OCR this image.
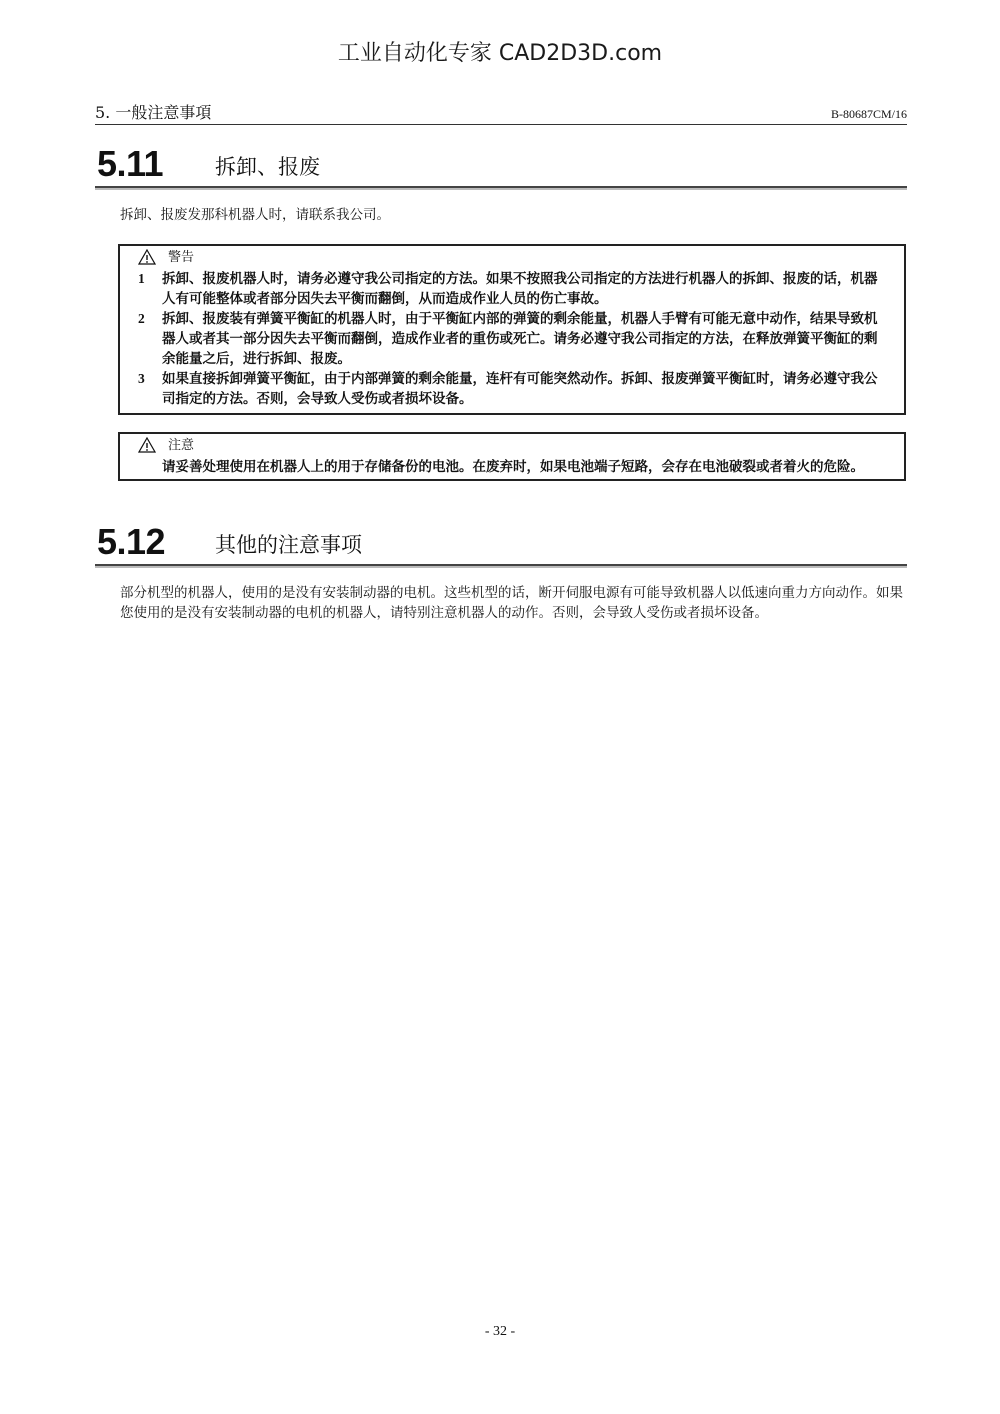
工业自动化专家 CAD2D3D.com
5. 一般注意事項	B-80687CM/16
5.11 拆卸、报废
拆卸、报废发那科机器人时，请联系我公司。
警告
1 拆卸、报废机器人时，请务必遵守我公司指定的方法。如果不按照我公司指定的方法进行机器人的拆卸、报废的话，机器人有可能整体或者部分因失去平衡而翻倒，从而造成作业人员的伤亡事故。
2 拆卸、报废装有弹簧平衡缸的机器人时，由于平衡缸内部的弹簧的剩余能量，机器人手臂有可能无意中动作，结果导致机器人或者其一部分因失去平衡而翻倒，造成作业者的重伤或死亡。请务必遵守我公司指定的方法，在释放弹簧平衡缸的剩余能量之后，进行拆卸、报废。
3 如果直接拆卸弹簧平衡缸，由于内部弹簧的剩余能量，连杆有可能突然动作。拆卸、报废弹簧平衡缸时，请务必遵守我公司指定的方法。否则，会导致人受伤或者损坏设备。
注意
请妥善处理使用在机器人上的用于存储备份的电池。在废弃时，如果电池端子短路，会存在电池破裂或者着火的危险。
5.12 其他的注意事项
部分机型的机器人，使用的是没有安装制动器的电机。这些机型的话，断开伺服电源有可能导致机器人以低速向重力方向动作。如果您使用的是没有安装制动器的电机的机器人，请特别注意机器人的动作。否则，会导致人受伤或者损坏设备。
- 32 -
